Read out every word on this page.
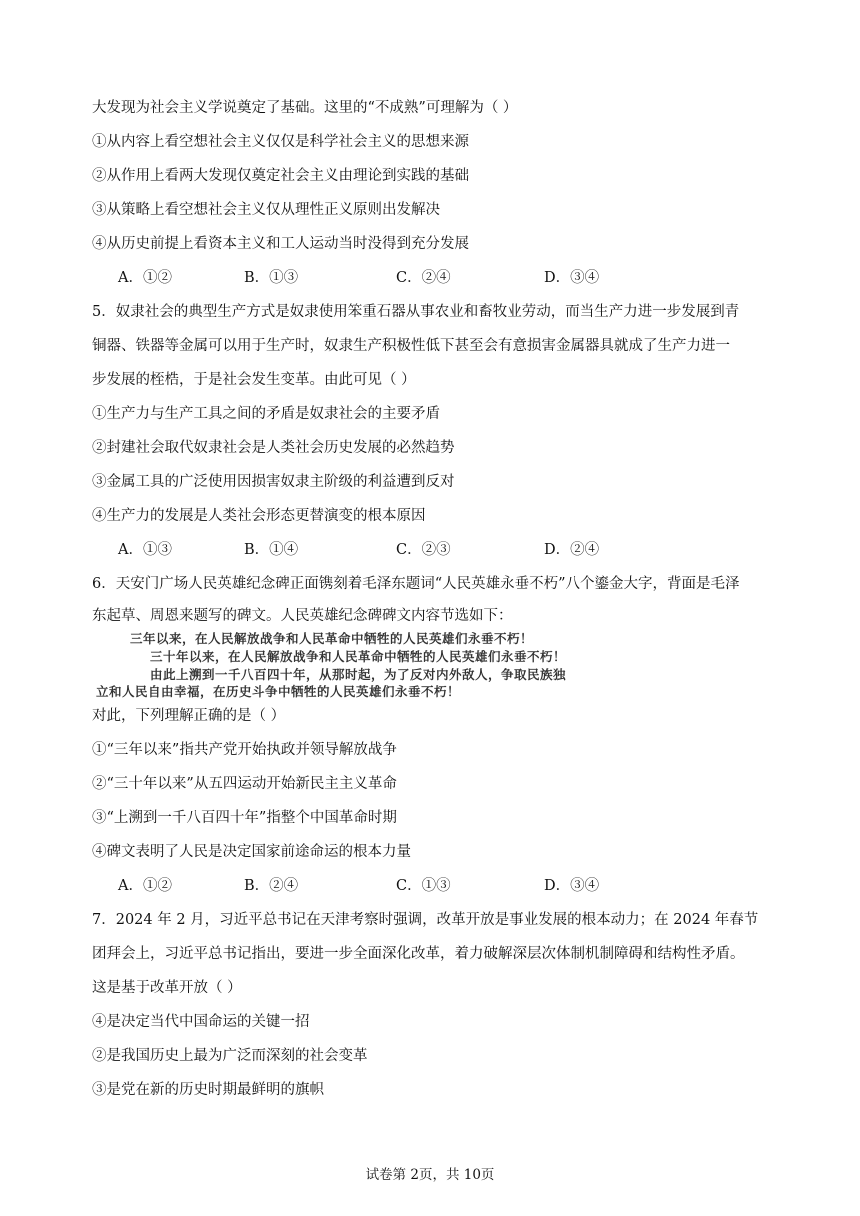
大发现为社会主义学说奠定了基础。这里的“不成熟”可理解为（ ）
①从内容上看空想社会主义仅仅是科学社会主义的思想来源
②从作用上看两大发现仅奠定社会主义由理论到实践的基础
③从策略上看空想社会主义仅从理性正义原则出发解决
④从历史前提上看资本主义和工人运动当时没得到充分发展
A．①②	B．①③	C．②④	D．③④
5．奴隶社会的典型生产方式是奴隶使用笨重石器从事农业和畜牧业劳动，而当生产力进一步发展到青
铜器、铁器等金属可以用于生产时，奴隶生产积极性低下甚至会有意损害金属器具就成了生产力进一
步发展的桎梏，于是社会发生变革。由此可见（ ）
①生产力与生产工具之间的矛盾是奴隶社会的主要矛盾
②封建社会取代奴隶社会是人类社会历史发展的必然趋势
③金属工具的广泛使用因损害奴隶主阶级的利益遭到反对
④生产力的发展是人类社会形态更替演变的根本原因
A．①③	B．①④	C．②③	D．②④
6．天安门广场人民英雄纪念碑正面镌刻着毛泽东题词“人民英雄永垂不朽”八个鎏金大字，背面是毛泽
东起草、周恩来题写的碑文。人民英雄纪念碑碑文内容节选如下：
三年以来，在人民解放战争和人民革命中牺牲的人民英雄们永垂不朽！
三十年以来，在人民解放战争和人民革命中牺牲的人民英雄们永垂不朽！
由此上溯到一千八百四十年，从那时起，为了反对内外敌人，争取民族独
立和人民自由幸福，在历史斗争中牺牲的人民英雄们永垂不朽！
对此，下列理解正确的是（ ）
①“三年以来”指共产党开始执政并领导解放战争
②“三十年以来”从五四运动开始新民主主义革命
③“上溯到一千八百四十年”指整个中国革命时期
④碑文表明了人民是决定国家前途命运的根本力量
A．①②	B．②④	C．①③	D．③④
7．2024 年 2 月，习近平总书记在天津考察时强调，改革开放是事业发展的根本动力；在 2024 年春节
团拜会上，习近平总书记指出，要进一步全面深化改革，着力破解深层次体制机制障碍和结构性矛盾。
这是基于改革开放（ ）
④是决定当代中国命运的关键一招
②是我国历史上最为广泛而深刻的社会变革
③是党在新的历史时期最鲜明的旗帜
试卷第 2页，共 10页
